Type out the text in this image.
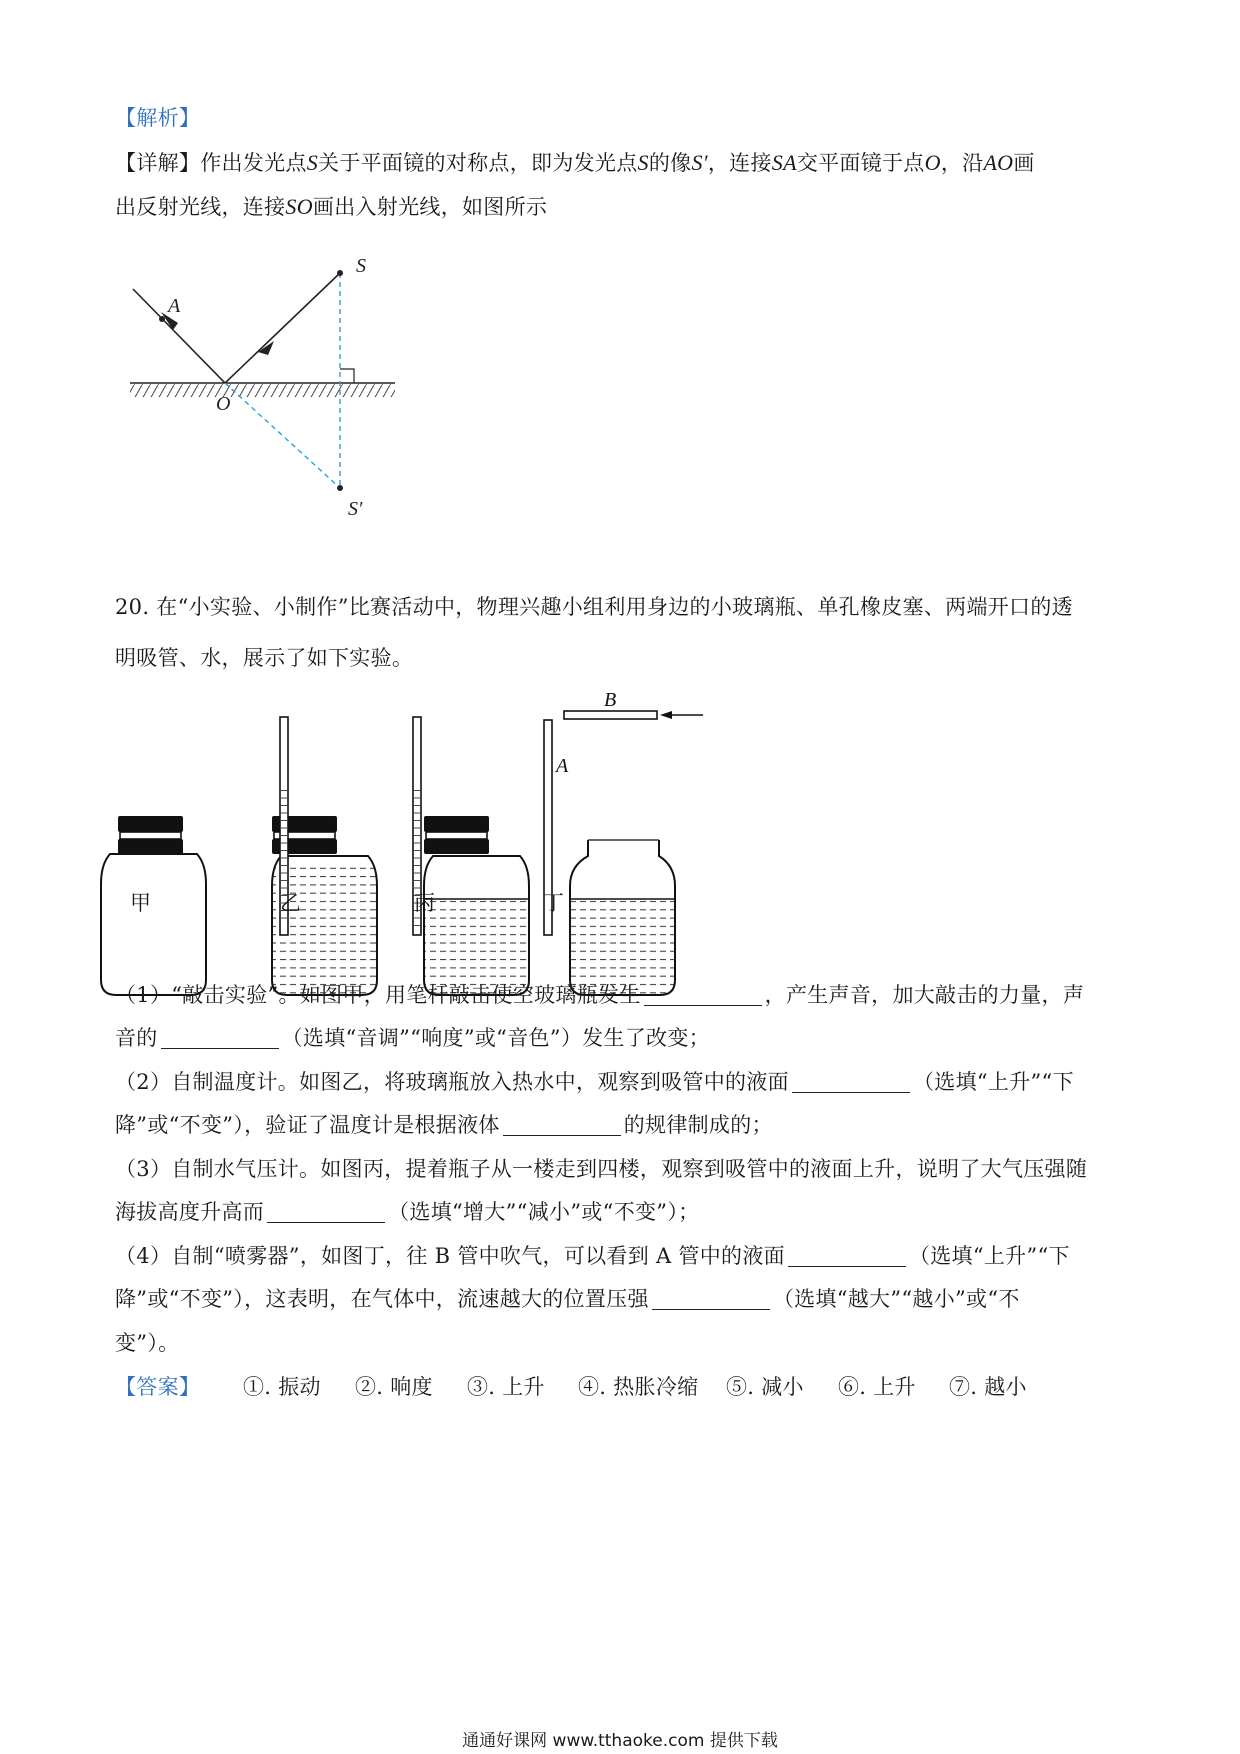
【解析】
【详解】作出发光点S关于平面镜的对称点，即为发光点S的像S′，连接SA交平面镜于点O，沿AO画
出反射光线，连接SO画出入射光线，如图所示
S
A
O
S′
20. 在“小实验、小制作”比赛活动中，物理兴趣小组利用身边的小玻璃瓶、单孔橡皮塞、两端开口的透
明吸管、水，展示了如下实验。
B
A
甲	乙	丙	丁
（1）“敲击实验”。如图甲，用笔杆敲击使空玻璃瓶发生	，产生声音，加大敲击的力量，声
音的	（选填“音调”“响度”或“音色”）发生了改变；
（2）自制温度计。如图乙，将玻璃瓶放入热水中，观察到吸管中的液面	（选填“上升”“下
降”或“不变”），验证了温度计是根据液体	的规律制成的；
（3）自制水气压计。如图丙，提着瓶子从一楼走到四楼，观察到吸管中的液面上升，说明了大气压强随
海拔高度升高而	（选填“增大”“减小”或“不变”）；
（4）自制“喷雾器”，如图丁，往 B 管中吹气，可以看到 A 管中的液面	（选填“上升”“下
降”或“不变”），这表明，在气体中，流速越大的位置压强	（选填“越大”“越小”或“不
变”）。
【答案】 ①. 振动 ②. 响度 ③. 上升 ④. 热胀冷缩 ⑤. 减小 ⑥. 上升 ⑦. 越小
通通好课网 www.tthaoke.com 提供下载
